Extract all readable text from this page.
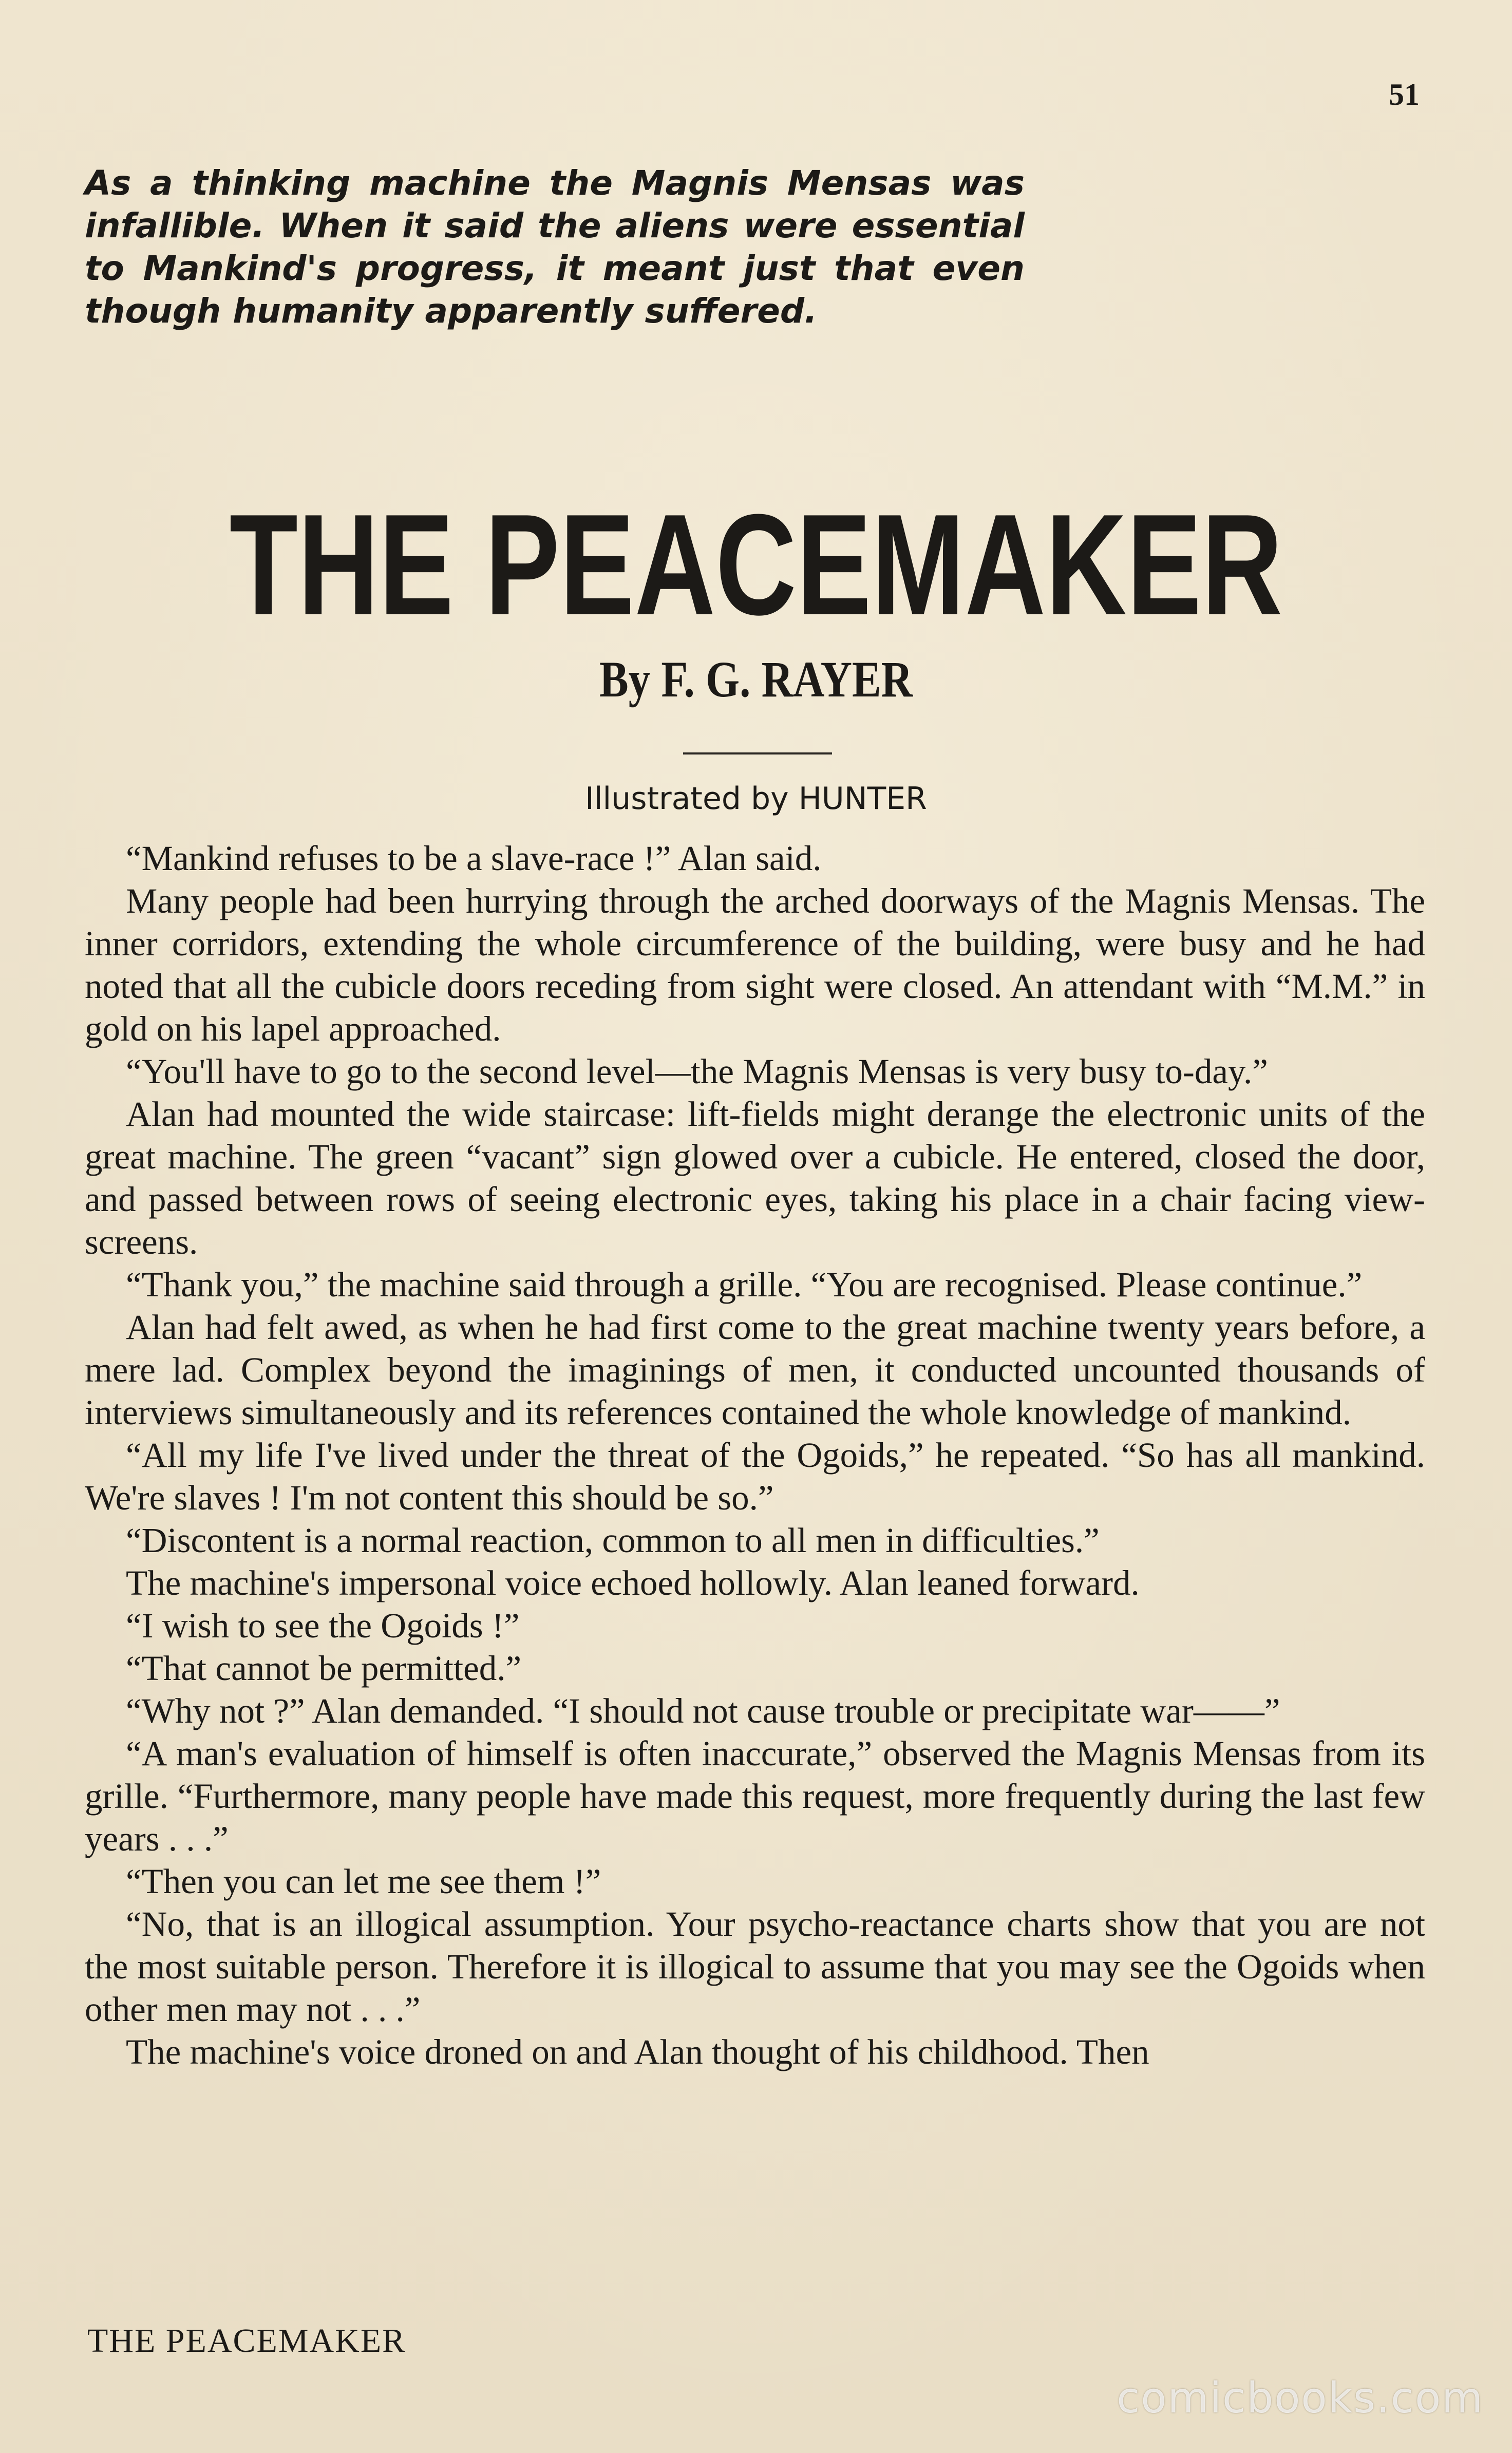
51

As a thinking machine the Magnis Mensas was infallible. When it said the aliens were essential to Mankind's progress, it meant just that even though humanity apparently suffered.

THE PEACEMAKER
By F. G. RAYER
Illustrated by HUNTER

“Mankind refuses to be a slave-race !” Alan said.

Many people had been hurrying through the arched doorways of the Magnis Mensas. The inner corridors, extending the whole circumference of the building, were busy and he had noted that all the cubicle doors receding from sight were closed. An attendant with “M.M.” in gold on his lapel approached.

“You'll have to go to the second level—the Magnis Mensas is very busy to-day.”

Alan had mounted the wide staircase: lift-fields might derange the electronic units of the great machine. The green “vacant” sign glowed over a cubicle. He entered, closed the door, and passed between rows of seeing electronic eyes, taking his place in a chair facing view-screens.

“Thank you,” the machine said through a grille. “You are recognised. Please continue.”

Alan had felt awed, as when he had first come to the great machine twenty years before, a mere lad. Complex beyond the imaginings of men, it conducted uncounted thousands of interviews simultaneously and its references contained the whole knowledge of mankind.

“All my life I've lived under the threat of the Ogoids,” he repeated. “So has all mankind. We're slaves ! I'm not content this should be so.”

“Discontent is a normal reaction, common to all men in difficulties.”

The machine's impersonal voice echoed hollowly. Alan leaned forward.

“I wish to see the Ogoids !”

“That cannot be permitted.”

“Why not ?” Alan demanded. “I should not cause trouble or precipitate war——”

“A man's evaluation of himself is often inaccurate,” observed the Magnis Mensas from its grille. “Furthermore, many people have made this request, more frequently during the last few years . . .”

“Then you can let me see them !”

“No, that is an illogical assumption. Your psycho-reactance charts show that you are not the most suitable person. Therefore it is illogical to assume that you may see the Ogoids when other men may not . . .”

The machine's voice droned on and Alan thought of his childhood. Then

THE PEACEMAKER
comicbooks.com
